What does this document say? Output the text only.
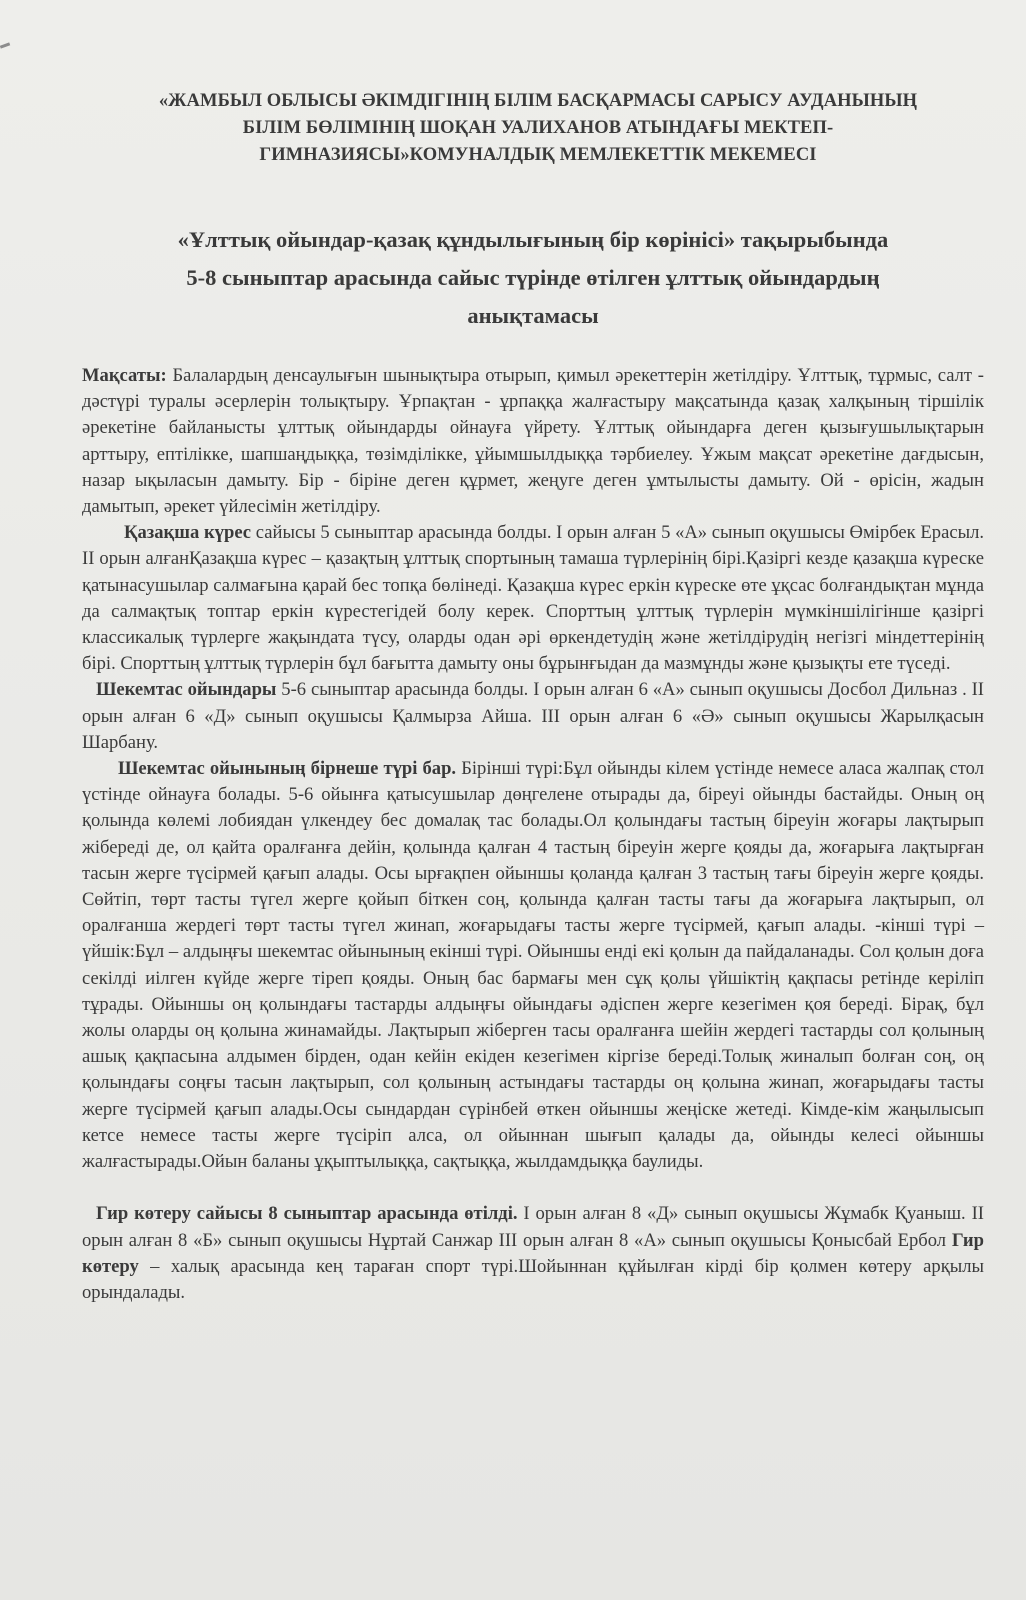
«ЖАМБЫЛ ОБЛЫСЫ ӘКІМДІГІНІҢ БІЛІМ БАСҚАРМАСЫ САРЫСУ АУДАНЫНЫҢ
БІЛІМ БӨЛІМІНІҢ ШОҚАН УАЛИХАНОВ АТЫНДАҒЫ МЕКТЕП-
ГИМНАЗИЯСЫ»КОМУНАЛДЫҚ МЕМЛЕКЕТТІК МЕКЕМЕСІ
«Ұлттық ойындар-қазақ құндылығының бір көрінісі» тақырыбында
5-8 сыныптар арасында сайыс түрінде өтілген ұлттық ойындардың
анықтамасы

Мақсаты: Балалардың денсаулығын шынықтыра отырып, қимыл әрекеттерін жетілдіру. Ұлттық, тұрмыс, салт - дәстүрі туралы әсерлерін толықтыру. Ұрпақтан - ұрпаққа жалғастыру мақсатында қазақ халқының тіршілік әрекетіне байланысты ұлттық ойындарды ойнауға үйрету. Ұлттық ойындарға деген қызығушылықтарын арттыру, ептілікке, шапшаңдыққа, төзімділікке, ұйымшылдыққа тәрбиелеу. Ұжым мақсат әрекетіне дағдысын, назар ықыласын дамыту. Бір - біріне деген құрмет, жеңуге деген ұмтылысты дамыту. Ой - өрісін, жадын дамытып, әрекет үйлесімін жетілдіру.

Қазақша күрес сайысы 5 сыныптар арасында болды. I орын алған 5 «А» сынып оқушысы Өмірбек Ерасыл. II орын алғанҚазақша күрес – қазақтың ұлттық спортының тамаша түрлерінің бірі.Қазіргі кезде қазақша күреске қатынасушылар салмағына қарай бес топқа бөлінеді. Қазақша күрес еркін күреске өте ұқсас болғандықтан мұнда да салмақтық топтар еркін күрестегідей болу керек. Спорттың ұлттық түрлерін мүмкіншілігінше қазіргі классикалық түрлерге жақындата түсу, оларды одан әрі өркендетудің және жетілдірудің негізгі міндеттерінің бірі. Спорттың ұлттық түрлерін бұл бағытта дамыту оны бұрынғыдан да мазмұнды және қызықты ете түседі.

Шекемтас ойындары 5-6 сыныптар арасында болды. I орын алған 6 «А» сынып оқушысы Досбол Дильназ . II орын алған 6 «Д» сынып оқушысы Қалмырза Айша. III орын алған 6 «Ә» сынып оқушысы Жарылқасын Шарбану.

Шекемтас ойынының бірнеше түрі бар. Бірінші түрі:Бұл ойынды кілем үстінде немесе аласа жалпақ стол үстінде ойнауға болады. 5-6 ойынға қатысушылар дөңгелене отырады да, біреуі ойынды бастайды. Оның оң қолында көлемі лобиядан үлкендеу бес домалақ тас болады.Ол қолындағы тастың біреуін жоғары лақтырып жібереді де, ол қайта оралғанға дейін, қолында қалған 4 тастың біреуін жерге қояды да, жоғарыға лақтырған тасын жерге түсірмей қағып алады. Осы ырғақпен ойыншы қоланда қалған 3 тастың тағы біреуін жерге қояды. Сөйтіп, төрт тасты түгел жерге қойып біткен соң, қолында қалған тасты тағы да жоғарыға лақтырып, ол оралғанша жердегі төрт тасты түгел жинап, жоғарыдағы тасты жерге түсірмей, қағып алады. -кінші түрі – үйшік:Бұл – алдыңғы шекемтас ойынының екінші түрі. Ойыншы енді екі қолын да пайдаланады. Сол қолын доға секілді иілген күйде жерге тіреп қояды. Оның бас бармағы мен сұқ қолы үйшіктің қақпасы ретінде керіліп тұрады. Ойыншы оң қолындағы тастарды алдыңғы ойындағы әдіспен жерге кезегімен қоя береді. Бірақ, бұл жолы оларды оң қолына жинамайды. Лақтырып жіберген тасы оралғанға шейін жердегі тастарды сол қолының ашық қақпасына алдымен бірден, одан кейін екіден кезегімен кіргізе береді.Толық жиналып болған соң, оң қолындағы соңғы тасын лақтырып, сол қолының астындағы тастарды оң қолына жинап, жоғарыдағы тасты жерге түсірмей қағып алады.Осы сындардан сүрінбей өткен ойыншы жеңіске жетеді. Кімде-кім жаңылысып кетсе немесе тасты жерге түсіріп алса, ол ойыннан шығып қалады да, ойынды келесі ойыншы жалғастырады.Ойын баланы ұқыптылыққа, сақтыққа, жылдамдыққа баулиды.

Гир көтеру сайысы 8 сыныптар арасында өтілді. I орын алған 8 «Д» сынып оқушысы Жұмабк Қуаныш. II орын алған 8 «Б» сынып оқушысы Нұртай Санжар III орын алған 8 «А» сынып оқушысы Қонысбай Ербол Гир көтеру – халық арасында кең тараған спорт түрі.Шойыннан құйылған кірді бір қолмен көтеру арқылы орындалады.
